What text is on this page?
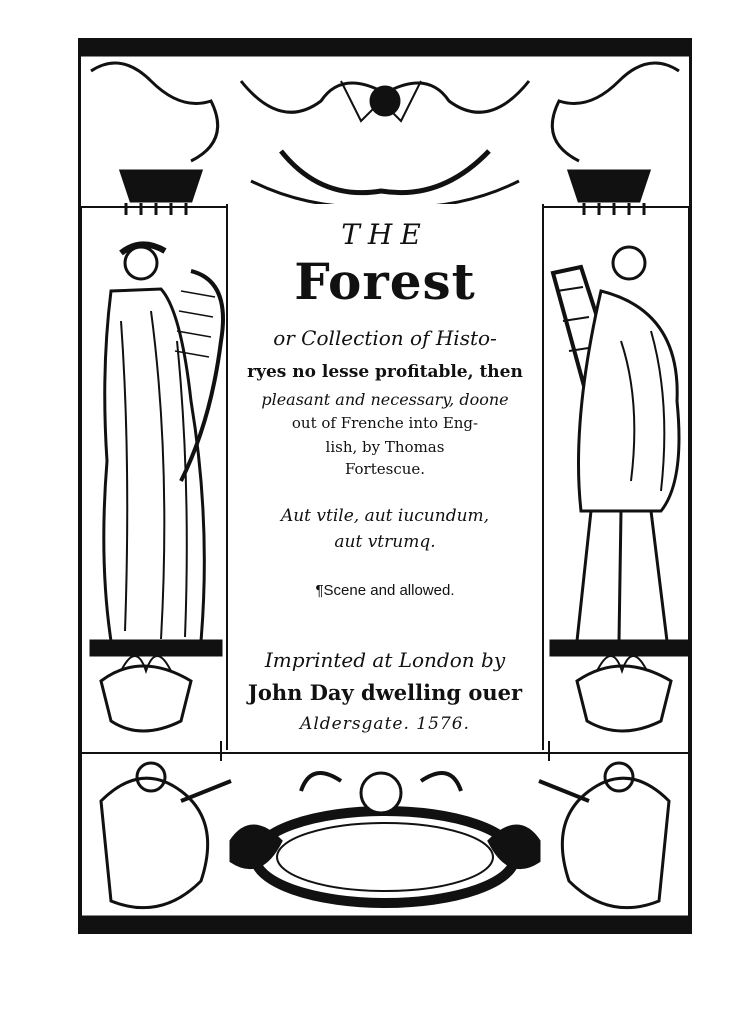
THE
Forest
or Collection of Histo-
ryes no lesse profitable, then
pleasant and necessary, doone
out of Frenche into Eng-
lish, by Thomas
Fortescue.
Aut vtile, aut iucundum,
aut vtrumq.
¶Scene and allowed.
Imprinted at London by
John Day dwelling ouer
Aldersgate. 1576.
